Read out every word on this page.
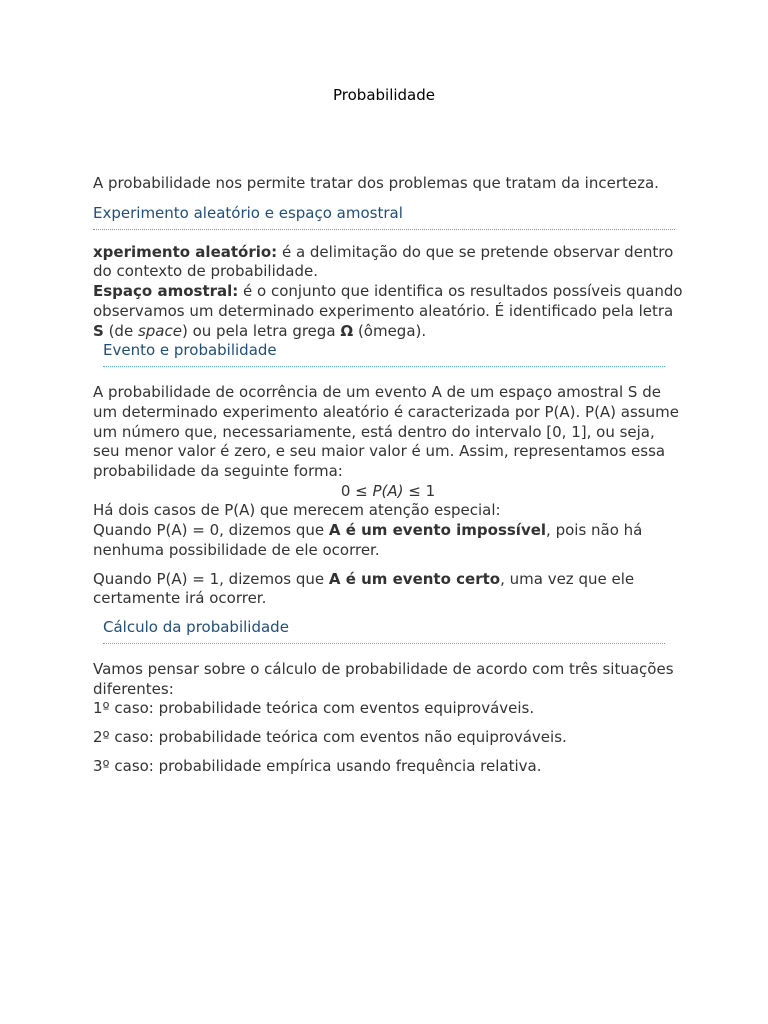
Probabilidade

A probabilidade nos permite tratar dos problemas que tratam da incerteza.

Experimento aleatório e espaço amostral

xperimento aleatório: é a delimitação do que se pretende observar dentro do contexto de probabilidade.

Espaço amostral: é o conjunto que identifica os resultados possíveis quando observamos um determinado experimento aleatório. É identificado pela letra S (de space) ou pela letra grega Ω (ômega).

Evento e probabilidade

A probabilidade de ocorrência de um evento A de um espaço amostral S de um determinado experimento aleatório é caracterizada por P(A). P(A) assume um número que, necessariamente, está dentro do intervalo [0, 1], ou seja, seu menor valor é zero, e seu maior valor é um. Assim, representamos essa probabilidade da seguinte forma:

0 ≤ P(A) ≤ 1

Há dois casos de P(A) que merecem atenção especial:

Quando P(A) = 0, dizemos que A é um evento impossível, pois não há nenhuma possibilidade de ele ocorrer.

Quando P(A) = 1, dizemos que A é um evento certo, uma vez que ele certamente irá ocorrer.

Cálculo da probabilidade

Vamos pensar sobre o cálculo de probabilidade de acordo com três situações diferentes:

1º caso: probabilidade teórica com eventos equiprováveis.

2º caso: probabilidade teórica com eventos não equiprováveis.

3º caso: probabilidade empírica usando frequência relativa.
